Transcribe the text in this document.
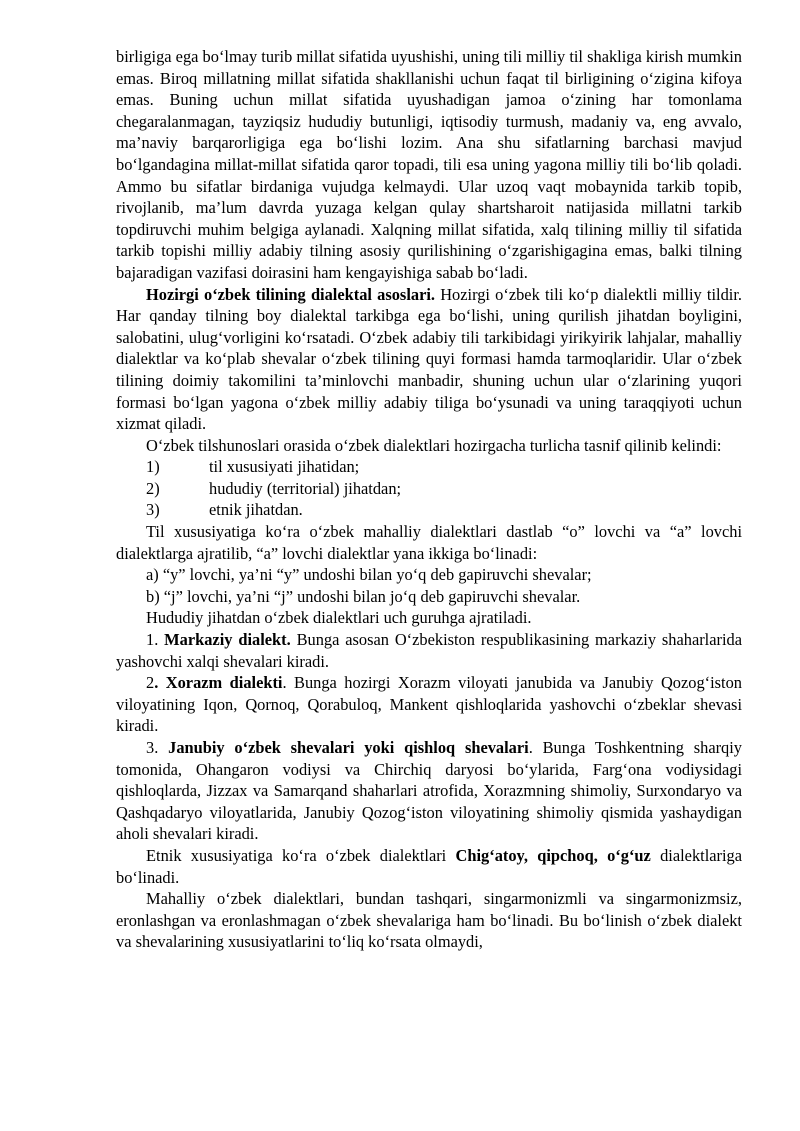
birligiga ega bo‘lmay turib millat sifatida uyushishi, uning tili milliy til shakliga kirish mumkin emas. Biroq millatning millat sifatida shakllanishi uchun faqat til birligining o‘zigina kifoya emas. Buning uchun millat sifatida uyushadigan jamoa o‘zining har tomonlama chegaralanmagan, tayziqsiz hududiy butunligi, iqtisodiy turmush, madaniy va, eng avvalo, ma’naviy barqarorligiga ega bo‘lishi lozim. Ana shu sifatlarning barchasi mavjud bo‘lgandagina millat-millat sifatida qaror topadi, tili esa uning yagona milliy tili bo‘lib qoladi. Ammo bu sifatlar birdaniga vujudga kelmaydi. Ular uzoq vaqt mobaynida tarkib topib, rivojlanib, ma’lum davrda yuzaga kelgan qulay shartsharoit natijasida millatni tarkib topdiruvchi muhim belgiga aylanadi. Xalqning millat sifatida, xalq tilining milliy til sifatida tarkib topishi milliy adabiy tilning asosiy qurilishining o‘zgarishigagina emas, balki tilning bajaradigan vazifasi doirasini ham kengayishiga sabab bo‘ladi.

Hozirgi o‘zbek tilining dialektal asoslari. Hozirgi o‘zbek tili ko‘p dialektli milliy tildir. Har qanday tilning boy dialektal tarkibga ega bo‘lishi, uning qurilish jihatdan boyligini, salobatini, ulug‘vorligini ko‘rsatadi. O‘zbek adabiy tili tarkibidagi yirikyirik lahjalar, mahalliy dialektlar va ko‘plab shevalar o‘zbek tilining quyi formasi hamda tarmoqlaridir. Ular o‘zbek tilining doimiy takomilini ta’minlovchi manbadir, shuning uchun ular o‘zlarining yuqori formasi bo‘lgan yagona o‘zbek milliy adabiy tiliga bo‘ysunadi va uning taraqqiyoti uchun xizmat qiladi.

O‘zbek tilshunoslari orasida o‘zbek dialektlari hozirgacha turlicha tasnif qilinib kelindi:

1)	til xususiyati jihatidan;
2)	hududiy (territorial) jihatdan;
3)	etnik jihatdan.

Til xususiyatiga ko‘ra o‘zbek mahalliy dialektlari dastlab “o” lovchi va “a” lovchi dialektlarga ajratilib, “a” lovchi dialektlar yana ikkiga bo‘linadi:

a) “y” lovchi, ya’ni “y” undoshi bilan yo‘q deb gapiruvchi shevalar;

b) “j” lovchi, ya’ni “j” undoshi bilan jo‘q deb gapiruvchi shevalar.

Hududiy jihatdan o‘zbek dialektlari uch guruhga ajratiladi.

1. Markaziy dialekt. Bunga asosan O‘zbekiston respublikasining markaziy shaharlarida yashovchi xalqi shevalari kiradi.

2. Xorazm dialekti. Bunga hozirgi Xorazm viloyati janubida va Janubiy Qozog‘iston viloyatining Iqon, Qornoq, Qorabuloq, Mankent qishloqlarida yashovchi o‘zbeklar shevasi kiradi.

3. Janubiy o‘zbek shevalari yoki qishloq shevalari. Bunga Toshkentning sharqiy tomonida, Ohangaron vodiysi va Chirchiq daryosi bo‘ylarida, Farg‘ona vodiysidagi qishloqlarda, Jizzax va Samarqand shaharlari atrofida, Xorazmning shimoliy, Surxondaryo va Qashqadaryo viloyatlarida, Janubiy Qozog‘iston viloyatining shimoliy qismida yashaydigan aholi shevalari kiradi.

Etnik xususiyatiga ko‘ra o‘zbek dialektlari Chig‘atoy, qipchoq, o‘g‘uz dialektlariga bo‘linadi.

Mahalliy o‘zbek dialektlari, bundan tashqari, singarmonizmli va singarmonizmsiz, eronlashgan va eronlashmagan o‘zbek shevalariga ham bo‘linadi. Bu bo‘linish o‘zbek dialekt va shevalarining xususiyatlarini to‘liq ko‘rsata olmaydi,
